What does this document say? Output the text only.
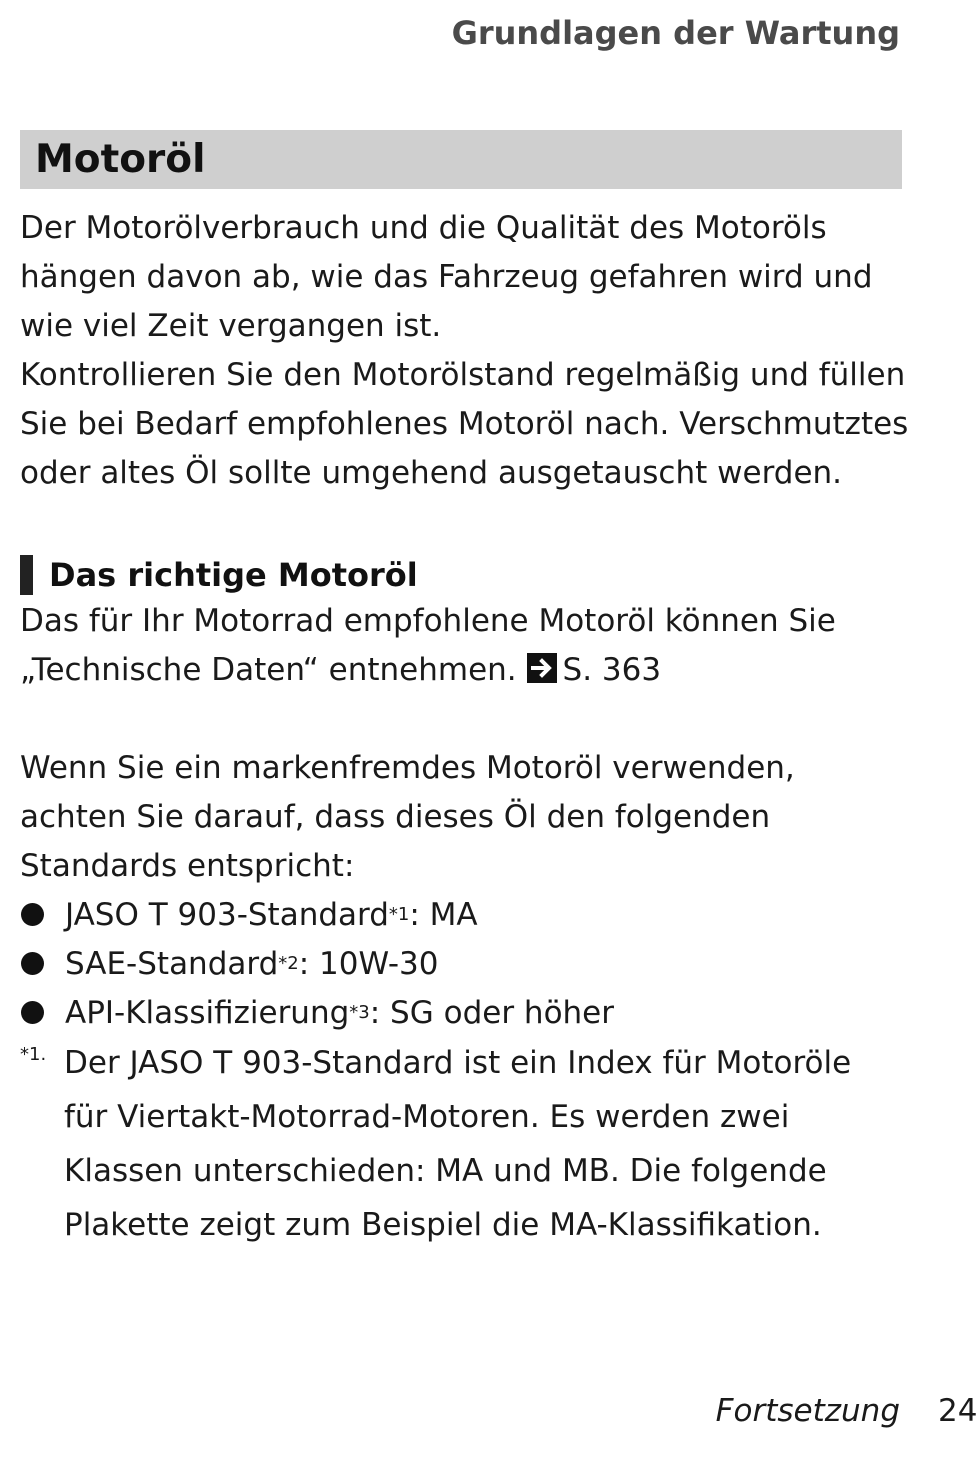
Grundlagen der Wartung
Motoröl
Der Motorölverbrauch und die Qualität des Motoröls
hängen davon ab, wie das Fahrzeug gefahren wird und
wie viel Zeit vergangen ist.
Kontrollieren Sie den Motorölstand regelmäßig und füllen
Sie bei Bedarf empfohlenes Motoröl nach. Verschmutztes
oder altes Öl sollte umgehend ausgetauscht werden.
Das richtige Motoröl
Das für Ihr Motorrad empfohlene Motoröl können Sie
„Technische Daten“ entnehmen. S. 363
Wenn Sie ein markenfremdes Motoröl verwenden,
achten Sie darauf, dass dieses Öl den folgenden
Standards entspricht:
JASO T 903-Standard *1 : MA
SAE-Standard *2 : 10W-30
API-Klassifizierung *3 : SG oder höher
*1. Der JASO T 903-Standard ist ein Index für Motoröle
für Viertakt-Motorrad-Motoren. Es werden zwei
Klassen unterschieden: MA und MB. Die folgende
Plakette zeigt zum Beispiel die MA-Klassifikation.
Fortsetzung 24
